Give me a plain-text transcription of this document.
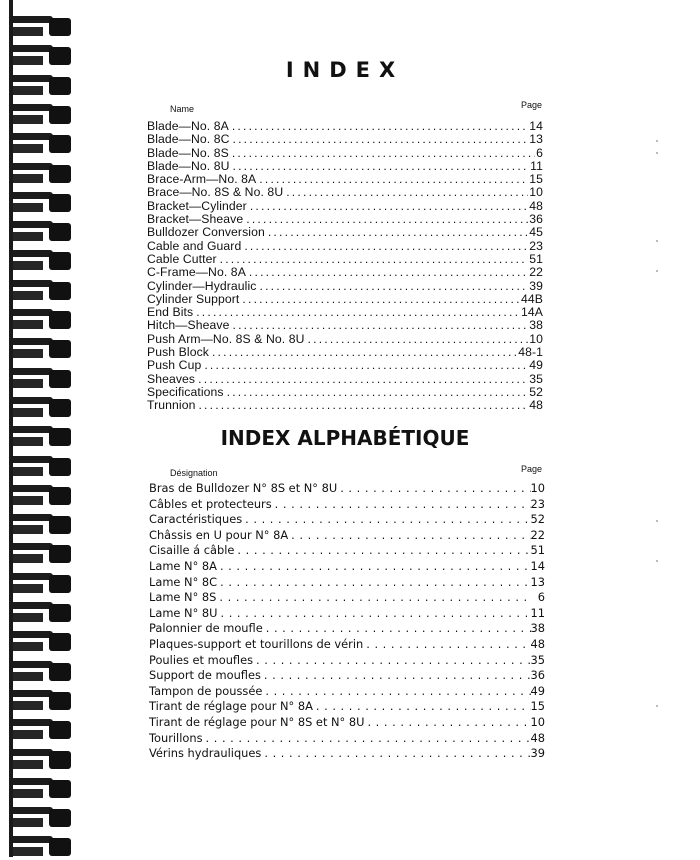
INDEX
Name	Page
Blade—No. 8A .....	14
Blade—No. 8C .....	13
Blade—No. 8S .....	6
Blade—No. 8U .....	11
Brace-Arm—No. 8A .....	15
Brace—No. 8S & No. 8U .....	10
Bracket—Cylinder .....	48
Bracket—Sheave .....	36
Bulldozer Conversion .....	45
Cable and Guard .....	23
Cable Cutter .....	51
C-Frame—No. 8A .....	22
Cylinder—Hydraulic .....	39
Cylinder Support .....	44B
End Bits .....	14A
Hitch—Sheave .....	38
Push Arm—No. 8S & No. 8U .....	10
Push Block .....	48-1
Push Cup .....	49
Sheaves .....	35
Specifications .....	52
Trunnion .....	48
INDEX ALPHABÉTIQUE
Désignation	Page
Bras de Bulldozer N° 8S et N° 8U .....	10
Câbles et protecteurs .....	23
Caractéristiques .....	52
Châssis en U pour N° 8A .....	22
Cisaille á câble .....	51
Lame N° 8A .....	14
Lame N° 8C .....	13
Lame N° 8S .....	6
Lame N° 8U .....	11
Palonnier de moufle .....	38
Plaques-support et tourillons de vérin .....	48
Poulies et moufles .....	35
Support de moufles .....	36
Tampon de poussée .....	49
Tirant de réglage pour N° 8A .....	15
Tirant de réglage pour N° 8S et N° 8U .....	10
Tourillons .....	48
Vérins hydrauliques .....	39
